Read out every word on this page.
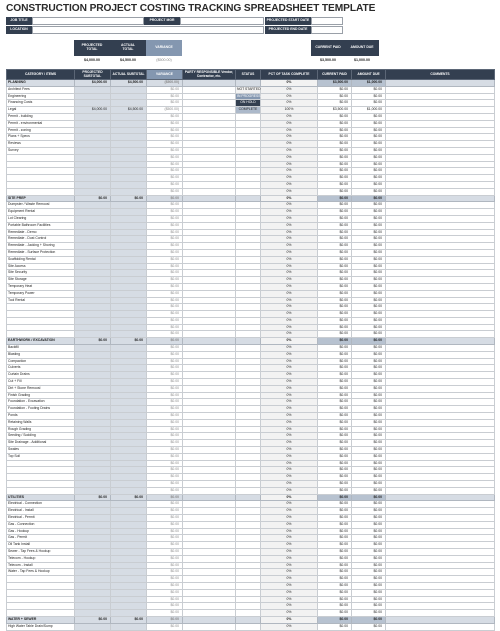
CONSTRUCTION PROJECT COSTING TRACKING SPREADSHEET TEMPLATE
JOB TITLE
LOCATION
PROJECT MGR	PROJECTED START DATE
PROJECTED END DATE
PROJECTED TOTAL
ACTUAL TOTAL	VARIANCE	CURRENT PAID	AMOUNT DUE
$4,000.00	$4,500.00	($500.00)	$3,500.00	$1,000.00
CATEGORY / ITEMS	PROJECTED SUBTOTAL	ACTUAL SUBTOTAL	VARIANCE	PARTY RESPONSIBLE Vendor, Contractor, etc.	STATUS	PCT OF TASK COMPLETE	CURRENT PAID	AMOUNT DUE	COMMENTS
PLANNING	$4,000.00	$4,500.00	($500.00)			0%	$3,500.00	$1,000.00	
Architect Fees			$0.00		NOT STARTED	0%	$0.00	$0.00	
Engineering			$0.00		IN PROGRESS	0%	$0.00	$0.00	
Financing Costs			$0.00		ON HOLD	0%	$0.00	$0.00	
Legal	$4,000.00	$4,500.00	($500.00)		COMPLETE	100%	$3,500.00	$1,000.00	
Permit - building			$0.00			0%	$0.00	$0.00	
Permit - environmental			$0.00			0%	$0.00	$0.00	
Permit - zoning			$0.00			0%	$0.00	$0.00	
Plans + Specs			$0.00			0%	$0.00	$0.00	
Reviews			$0.00			0%	$0.00	$0.00	
Survey			$0.00			0%	$0.00	$0.00	
			$0.00			0%	$0.00	$0.00	
			$0.00			0%	$0.00	$0.00	
			$0.00			0%	$0.00	$0.00	
			$0.00			0%	$0.00	$0.00	
			$0.00			0%	$0.00	$0.00	
			$0.00			0%	$0.00	$0.00	
SITE PREP	$0.00	$0.00	$0.00			0%	$0.00	$0.00	
Dumpster / Waste Removal			$0.00			0%	$0.00	$0.00	
Equipment Rental			$0.00			0%	$0.00	$0.00	
Lot Clearing			$0.00			0%	$0.00	$0.00	
Portable Bathroom Facilities			$0.00			0%	$0.00	$0.00	
Remediate - Demo			$0.00			0%	$0.00	$0.00	
Remediate - Dust Control			$0.00			0%	$0.00	$0.00	
Remediate - Jacking + Shoring			$0.00			0%	$0.00	$0.00	
Remediate - Surface Protection			$0.00			0%	$0.00	$0.00	
Scaffolding Rental			$0.00			0%	$0.00	$0.00	
Site Access			$0.00			0%	$0.00	$0.00	
Site Security			$0.00			0%	$0.00	$0.00	
Site Storage			$0.00			0%	$0.00	$0.00	
Temporary Heat			$0.00			0%	$0.00	$0.00	
Temporary Power			$0.00			0%	$0.00	$0.00	
Tool Rental			$0.00			0%	$0.00	$0.00	
			$0.00			0%	$0.00	$0.00	
			$0.00			0%	$0.00	$0.00	
			$0.00			0%	$0.00	$0.00	
			$0.00			0%	$0.00	$0.00	
			$0.00			0%	$0.00	$0.00	
EARTHWORK / EXCAVATION	$0.00	$0.00	$0.00			0%	$0.00	$0.00	
Backfill			$0.00			0%	$0.00	$0.00	
Blasting			$0.00			0%	$0.00	$0.00	
Compaction			$0.00			0%	$0.00	$0.00	
Culverts			$0.00			0%	$0.00	$0.00	
Curtain Drains			$0.00			0%	$0.00	$0.00	
Cut + Fill			$0.00			0%	$0.00	$0.00	
Dirt + Stone Removal			$0.00			0%	$0.00	$0.00	
Finish Grading			$0.00			0%	$0.00	$0.00	
Foundation - Excavation			$0.00			0%	$0.00	$0.00	
Foundation - Footing Drains			$0.00			0%	$0.00	$0.00	
Ponds			$0.00			0%	$0.00	$0.00	
Retaining Walls			$0.00			0%	$0.00	$0.00	
Rough Grading			$0.00			0%	$0.00	$0.00	
Seeding / Sodding			$0.00			0%	$0.00	$0.00	
Site Drainage - Additional			$0.00			0%	$0.00	$0.00	
Swales			$0.00			0%	$0.00	$0.00	
Top Soil			$0.00			0%	$0.00	$0.00	
			$0.00			0%	$0.00	$0.00	
			$0.00			0%	$0.00	$0.00	
			$0.00			0%	$0.00	$0.00	
			$0.00			0%	$0.00	$0.00	
			$0.00			0%	$0.00	$0.00	
UTILITIES	$0.00	$0.00	$0.00			0%	$0.00	$0.00	
Electrical - Connection			$0.00			0%	$0.00	$0.00	
Electrical - Install			$0.00			0%	$0.00	$0.00	
Electrical - Permit			$0.00			0%	$0.00	$0.00	
Gas - Connection			$0.00			0%	$0.00	$0.00	
Gas - Hookup			$0.00			0%	$0.00	$0.00	
Gas - Permit			$0.00			0%	$0.00	$0.00	
Oil Tank Install			$0.00			0%	$0.00	$0.00	
Sewer - Tap Fees & Hookup			$0.00			0%	$0.00	$0.00	
Telecom - Hookup			$0.00			0%	$0.00	$0.00	
Telecom - Install			$0.00			0%	$0.00	$0.00	
Water - Tap Fees & Hookup			$0.00			0%	$0.00	$0.00	
			$0.00			0%	$0.00	$0.00	
			$0.00			0%	$0.00	$0.00	
			$0.00			0%	$0.00	$0.00	
			$0.00			0%	$0.00	$0.00	
			$0.00			0%	$0.00	$0.00	
			$0.00			0%	$0.00	$0.00	
WATER + SEWER	$0.00	$0.00	$0.00			0%	$0.00	$0.00	
High Water Table Drain/Sump			$0.00			0%	$0.00	$0.00	
